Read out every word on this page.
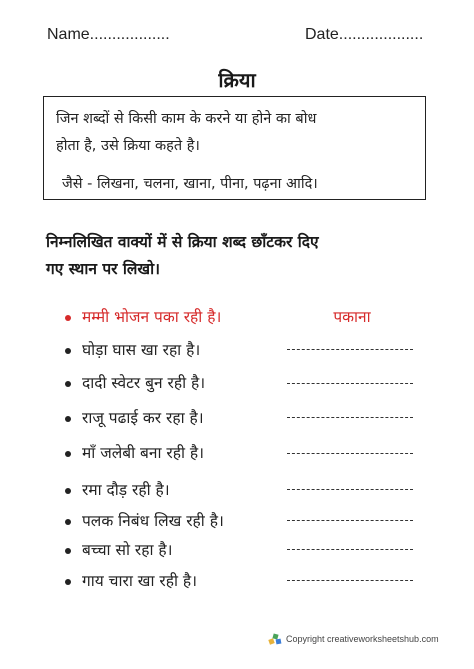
Name..................	Date...................
क्रिया
जिन शब्दों से किसी काम के करने या होने का बोध
होता है, उसे क्रिया कहते है।
जैसे - लिखना, चलना, खाना, पीना, पढ़ना आदि।
निम्नलिखित वाक्यों में से क्रिया शब्द छाँटकर दिए
गए स्थान पर लिखो।
मम्मी भोजन पका रही है।	पकाना
घोड़ा घास खा रहा है।
दादी स्वेटर बुन रही है।
राजू पढाई कर रहा है।
माँ जलेबी बना रही है।
रमा दौड़ रही है।
पलक निबंध लिख रही है।
बच्चा सो रहा है।
गाय चारा खा रही है।
Copyright creativeworksheetshub.com
